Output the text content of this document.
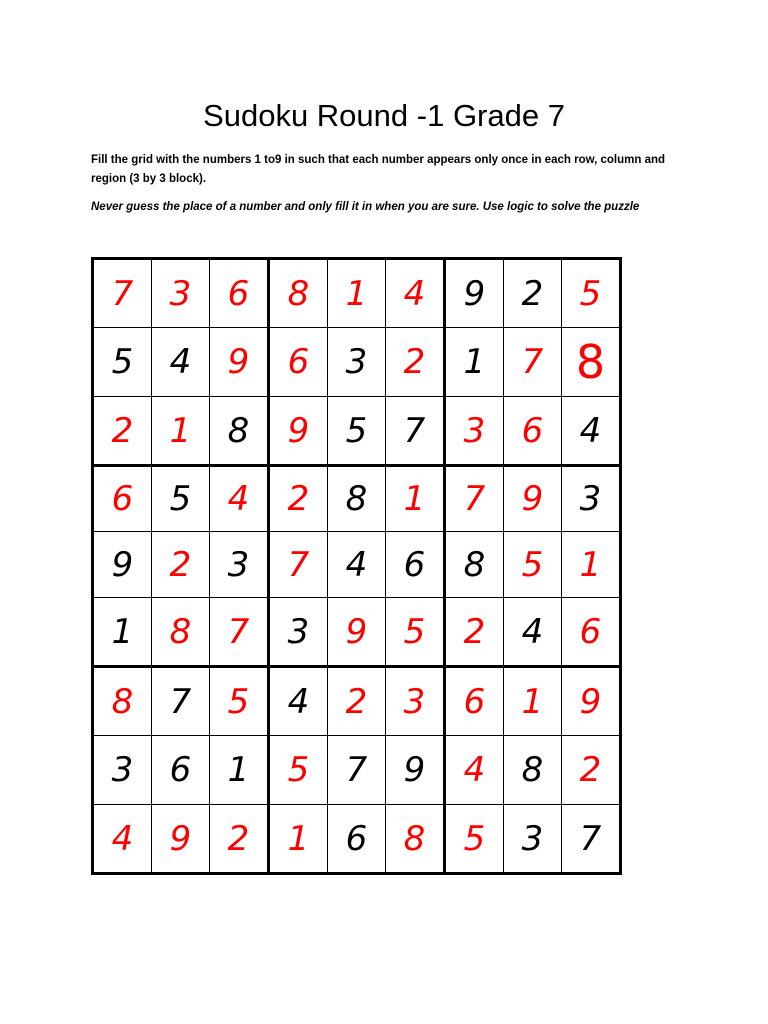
Sudoku Round -1 Grade 7

Fill the grid with the numbers 1 to9 in such that each number appears only once in each row, column and region (3 by 3 block).

Never guess the place of a number and only fill it in when you are sure. Use logic to solve the puzzle

7	3	6	8	1	4	9	2	5
5	4	9	6	3	2	1	7	8
2	1	8	9	5	7	3	6	4
6	5	4	2	8	1	7	9	3
9	2	3	7	4	6	8	5	1
1	8	7	3	9	5	2	4	6
8	7	5	4	2	3	6	1	9
3	6	1	5	7	9	4	8	2
4	9	2	1	6	8	5	3	7
